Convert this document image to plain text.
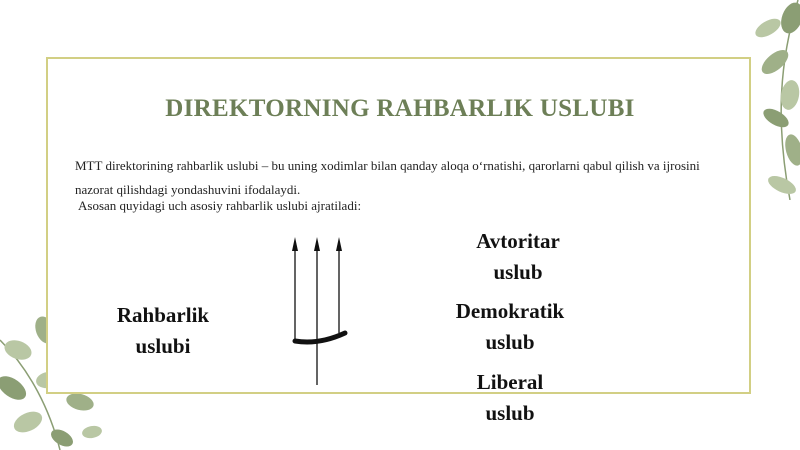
DIREKTORNING RAHBARLIK USLUBI

MTT direktorining rahbarlik uslubi – bu uning xodimlar bilan qanday aloqa o‘rnatishi, qarorlarni qabul qilish va ijrosini nazorat qilishdagi yondashuvini ifodalaydi.

Asosan quyidagi uch asosiy rahbarlik uslubi ajratiladi:

Rahbarlik
uslubi
Avtoritar
uslub
Demokratik
uslub
Liberal
uslub
